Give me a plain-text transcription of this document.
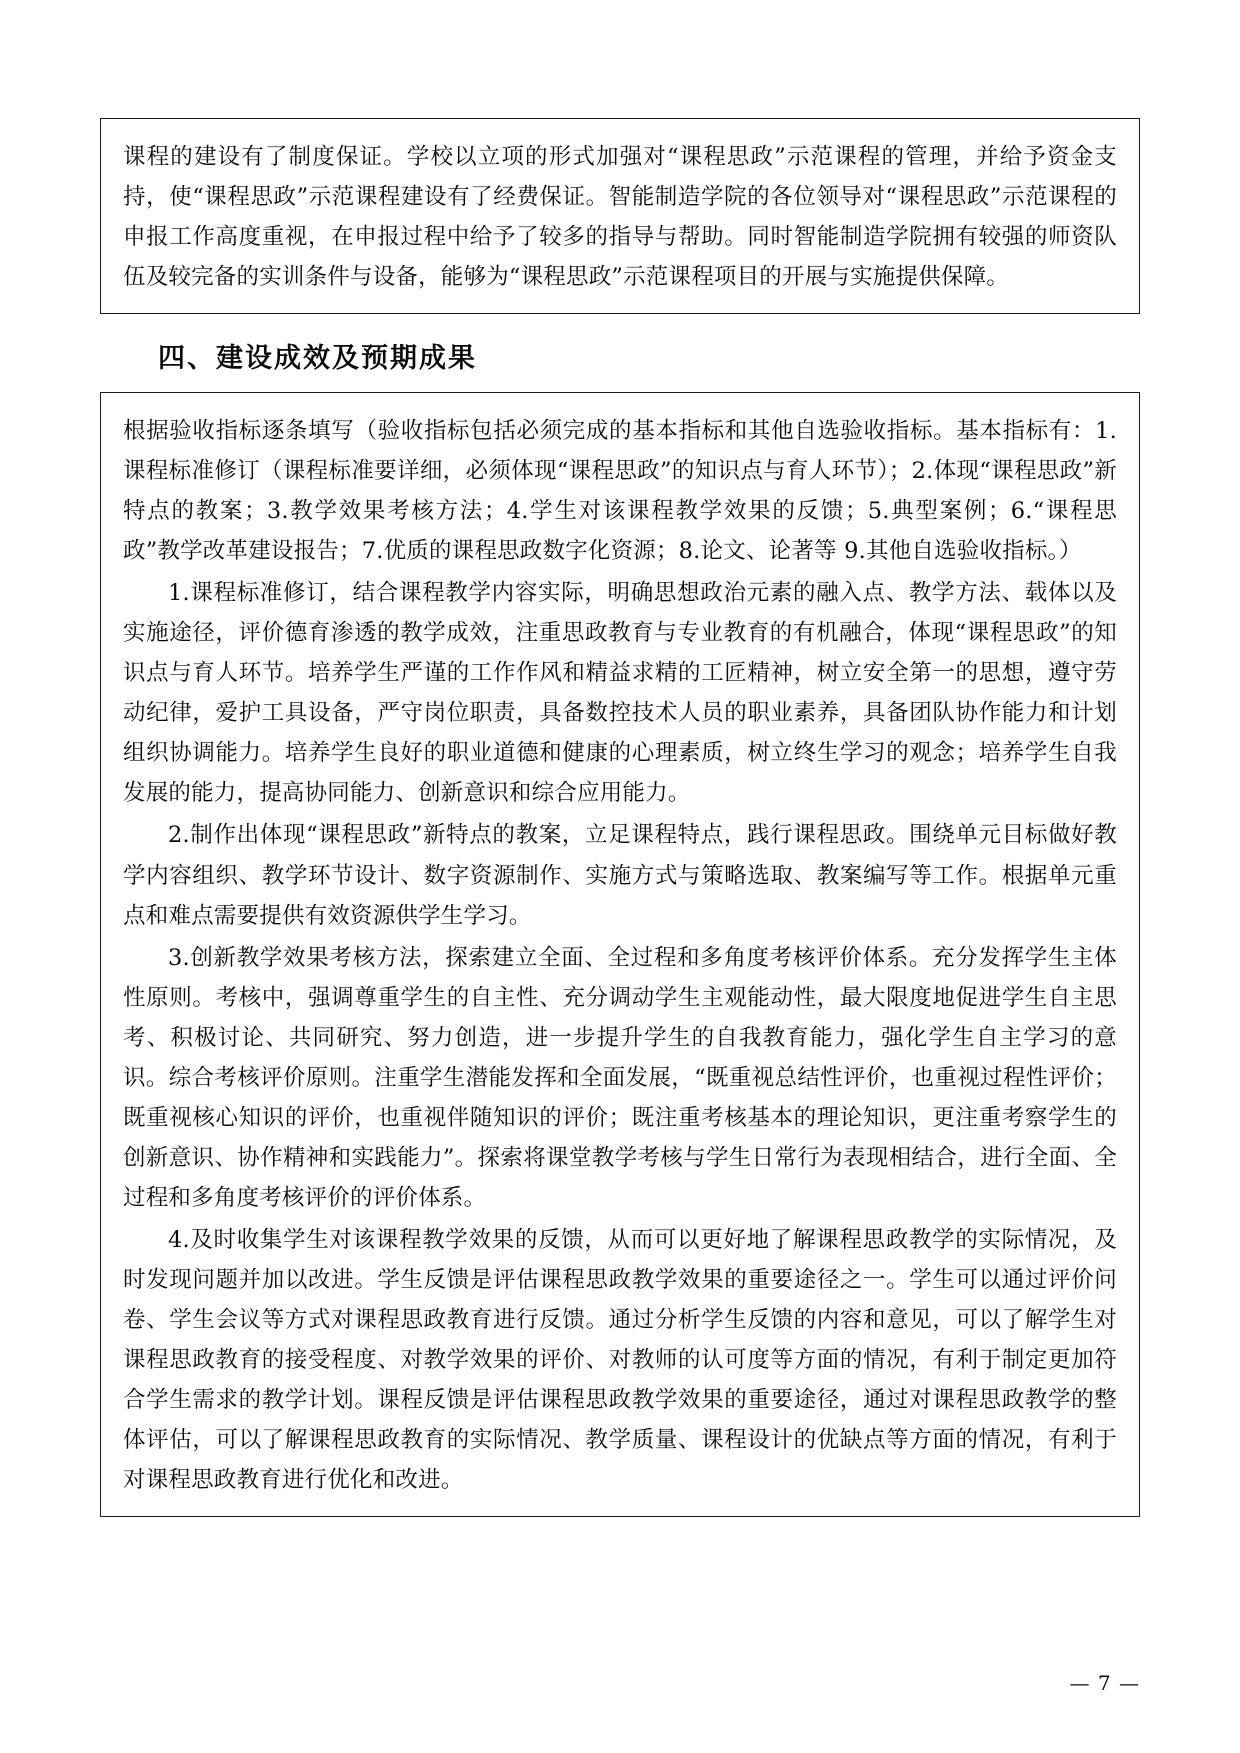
课程的建设有了制度保证。学校以立项的形式加强对“课程思政”示范课程的管理，并给予资金支持，使“课程思政”示范课程建设有了经费保证。智能制造学院的各位领导对“课程思政”示范课程的申报工作高度重视，在申报过程中给予了较多的指导与帮助。同时智能制造学院拥有较强的师资队伍及较完备的实训条件与设备，能够为“课程思政”示范课程项目的开展与实施提供保障。

四、建设成效及预期成果

根据验收指标逐条填写（验收指标包括必须完成的基本指标和其他自选验收指标。基本指标有：1.课程标准修订（课程标准要详细，必须体现“课程思政”的知识点与育人环节）；2.体现“课程思政”新特点的教案；3.教学效果考核方法；4.学生对该课程教学效果的反馈；5.典型案例；6.“课程思政”教学改革建设报告；7.优质的课程思政数字化资源；8.论文、论著等 9.其他自选验收指标。）

1.课程标准修订，结合课程教学内容实际，明确思想政治元素的融入点、教学方法、载体以及实施途径，评价德育渗透的教学成效，注重思政教育与专业教育的有机融合，体现“课程思政”的知识点与育人环节。培养学生严谨的工作作风和精益求精的工匠精神，树立安全第一的思想，遵守劳动纪律，爱护工具设备，严守岗位职责，具备数控技术人员的职业素养，具备团队协作能力和计划组织协调能力。培养学生良好的职业道德和健康的心理素质，树立终生学习的观念；培养学生自我发展的能力，提高协同能力、创新意识和综合应用能力。

2.制作出体现“课程思政”新特点的教案，立足课程特点，践行课程思政。围绕单元目标做好教学内容组织、教学环节设计、数字资源制作、实施方式与策略选取、教案编写等工作。根据单元重点和难点需要提供有效资源供学生学习。

3.创新教学效果考核方法，探索建立全面、全过程和多角度考核评价体系。充分发挥学生主体性原则。考核中，强调尊重学生的自主性、充分调动学生主观能动性，最大限度地促进学生自主思考、积极讨论、共同研究、努力创造，进一步提升学生的自我教育能力，强化学生自主学习的意识。综合考核评价原则。注重学生潜能发挥和全面发展，“既重视总结性评价，也重视过程性评价；既重视核心知识的评价，也重视伴随知识的评价；既注重考核基本的理论知识，更注重考察学生的创新意识、协作精神和实践能力”。探索将课堂教学考核与学生日常行为表现相结合，进行全面、全过程和多角度考核评价的评价体系。

4.及时收集学生对该课程教学效果的反馈，从而可以更好地了解课程思政教学的实际情况，及时发现问题并加以改进。学生反馈是评估课程思政教学效果的重要途径之一。学生可以通过评价问卷、学生会议等方式对课程思政教育进行反馈。通过分析学生反馈的内容和意见，可以了解学生对课程思政教育的接受程度、对教学效果的评价、对教师的认可度等方面的情况，有利于制定更加符合学生需求的教学计划。课程反馈是评估课程思政教学效果的重要途径，通过对课程思政教学的整体评估，可以了解课程思政教育的实际情况、教学质量、课程设计的优缺点等方面的情况，有利于对课程思政教育进行优化和改进。

— 7 —
